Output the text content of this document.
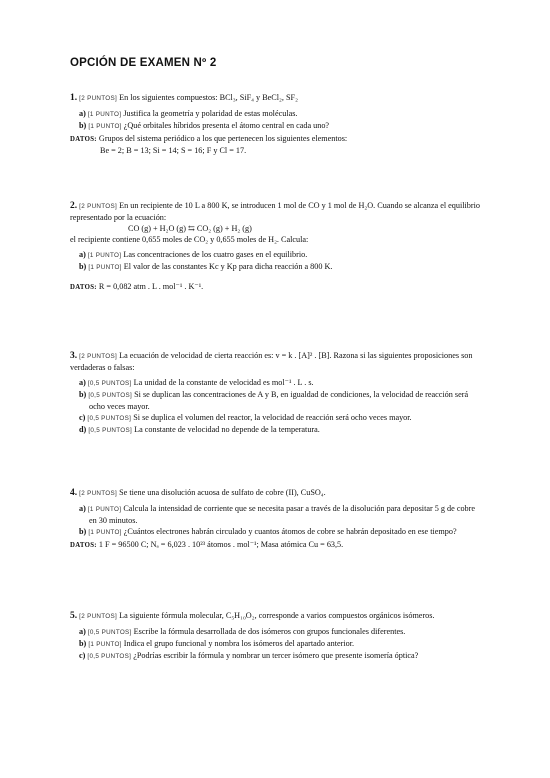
OPCIÓN DE EXAMEN Nº 2
1. [2 PUNTOS] En los siguientes compuestos: BCl₃, SiF₄ y BeCl₂, SF₂
a) [1 PUNTO] Justifica la geometría y polaridad de estas moléculas.
b) [1 PUNTO] ¿Qué orbitales híbridos presenta el átomo central en cada uno?
DATOS: Grupos del sistema periódico a los que pertenecen los siguientes elementos:
Be = 2; B = 13; Si = 14; S = 16; F y Cl = 17.
2. [2 PUNTOS] En un recipiente de 10 L a 800 K, se introducen 1 mol de CO y 1 mol de H₂O. Cuando se alcanza el equilibrio representado por la ecuación:
CO (g) + H₂O (g) ⇆ CO₂ (g) + H₂ (g)
el recipiente contiene 0,655 moles de CO₂ y 0,655 moles de H₂. Calcula:
a) [1 PUNTO] Las concentraciones de los cuatro gases en el equilibrio.
b) [1 PUNTO] El valor de las constantes Kc y Kp para dicha reacción a 800 K.
DATOS: R = 0,082 atm . L . mol⁻¹ . K⁻¹.
3. [2 PUNTOS] La ecuación de velocidad de cierta reacción es: v = k . [A]² . [B]. Razona si las siguientes proposiciones son verdaderas o falsas:
a) [0,5 PUNTOS] La unidad de la constante de velocidad es mol⁻¹ . L . s.
b) [0,5 PUNTOS] Si se duplican las concentraciones de A y B, en igualdad de condiciones, la velocidad de reacción será ocho veces mayor.
c) [0,5 PUNTOS] Si se duplica el volumen del reactor, la velocidad de reacción será ocho veces mayor.
d) [0,5 PUNTOS] La constante de velocidad no depende de la temperatura.
4. [2 PUNTOS] Se tiene una disolución acuosa de sulfato de cobre (II), CuSO₄.
a) [1 PUNTO] Calcula la intensidad de corriente que se necesita pasar a través de la disolución para depositar 5 g de cobre en 30 minutos.
b) [1 PUNTO] ¿Cuántos electrones habrán circulado y cuantos átomos de cobre se habrán depositado en ese tiempo?
DATOS: 1 F = 96500 C; Nₐ = 6,023 . 10²³ átomos . mol⁻¹; Masa atómica Cu = 63,5.
5. [2 PUNTOS] La siguiente fórmula molecular, C₅H₁₀O₂, corresponde a varios compuestos orgánicos isómeros.
a) [0,5 PUNTOS] Escribe la fórmula desarrollada de dos isómeros con grupos funcionales diferentes.
b) [1 PUNTO] Indica el grupo funcional y nombra los isómeros del apartado anterior.
c) [0,5 PUNTOS] ¿Podrías escribir la fórmula y nombrar un tercer isómero que presente isomería óptica?
